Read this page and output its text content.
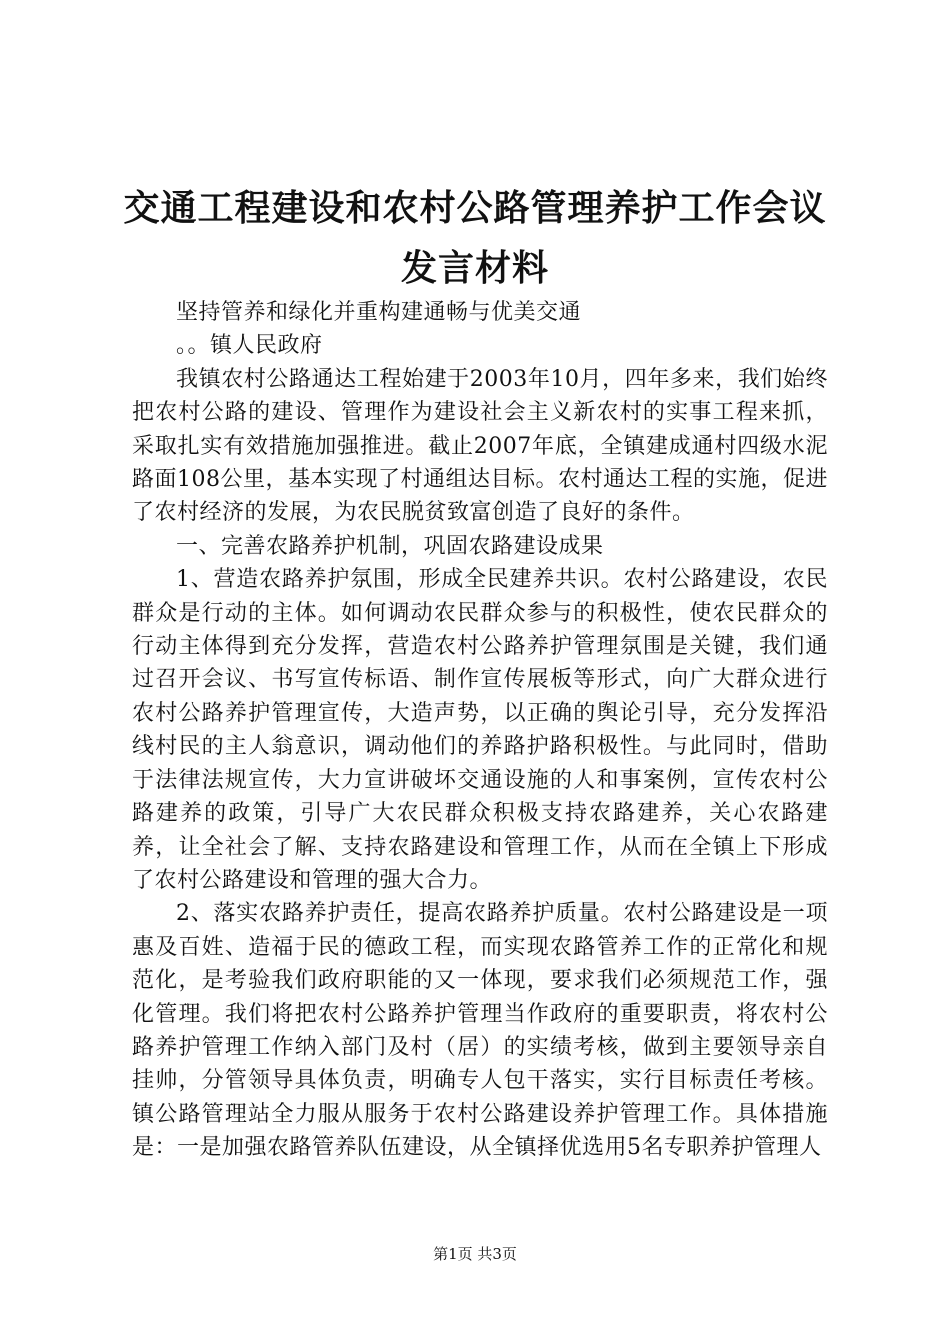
交通工程建设和农村公路管理养护工作会议发言材料

坚持管养和绿化并重构建通畅与优美交通

。。镇人民政府

我镇农村公路通达工程始建于2003年10月，四年多来，我们始终把农村公路的建设、管理作为建设社会主义新农村的实事工程来抓，采取扎实有效措施加强推进。截止2007年底，全镇建成通村四级水泥路面108公里，基本实现了村通组达目标。农村通达工程的实施，促进了农村经济的发展，为农民脱贫致富创造了良好的条件。

一、完善农路养护机制，巩固农路建设成果

1、营造农路养护氛围，形成全民建养共识。农村公路建设，农民群众是行动的主体。如何调动农民群众参与的积极性，使农民群众的行动主体得到充分发挥，营造农村公路养护管理氛围是关键，我们通过召开会议、书写宣传标语、制作宣传展板等形式，向广大群众进行农村公路养护管理宣传，大造声势，以正确的舆论引导，充分发挥沿线村民的主人翁意识，调动他们的养路护路积极性。与此同时，借助于法律法规宣传，大力宣讲破坏交通设施的人和事案例，宣传农村公路建养的政策，引导广大农民群众积极支持农路建养，关心农路建养，让全社会了解、支持农路建设和管理工作，从而在全镇上下形成了农村公路建设和管理的强大合力。

2、落实农路养护责任，提高农路养护质量。农村公路建设是一项惠及百姓、造福于民的德政工程，而实现农路管养工作的正常化和规范化，是考验我们政府职能的又一体现，要求我们必须规范工作，强化管理。我们将把农村公路养护管理当作政府的重要职责，将农村公路养护管理工作纳入部门及村（居）的实绩考核，做到主要领导亲自挂帅，分管领导具体负责，明确专人包干落实，实行目标责任考核。镇公路管理站全力服从服务于农村公路建设养护管理工作。具体措施是：一是加强农路管养队伍建设，从全镇择优选用5名专职养护管理人

第1页 共3页
